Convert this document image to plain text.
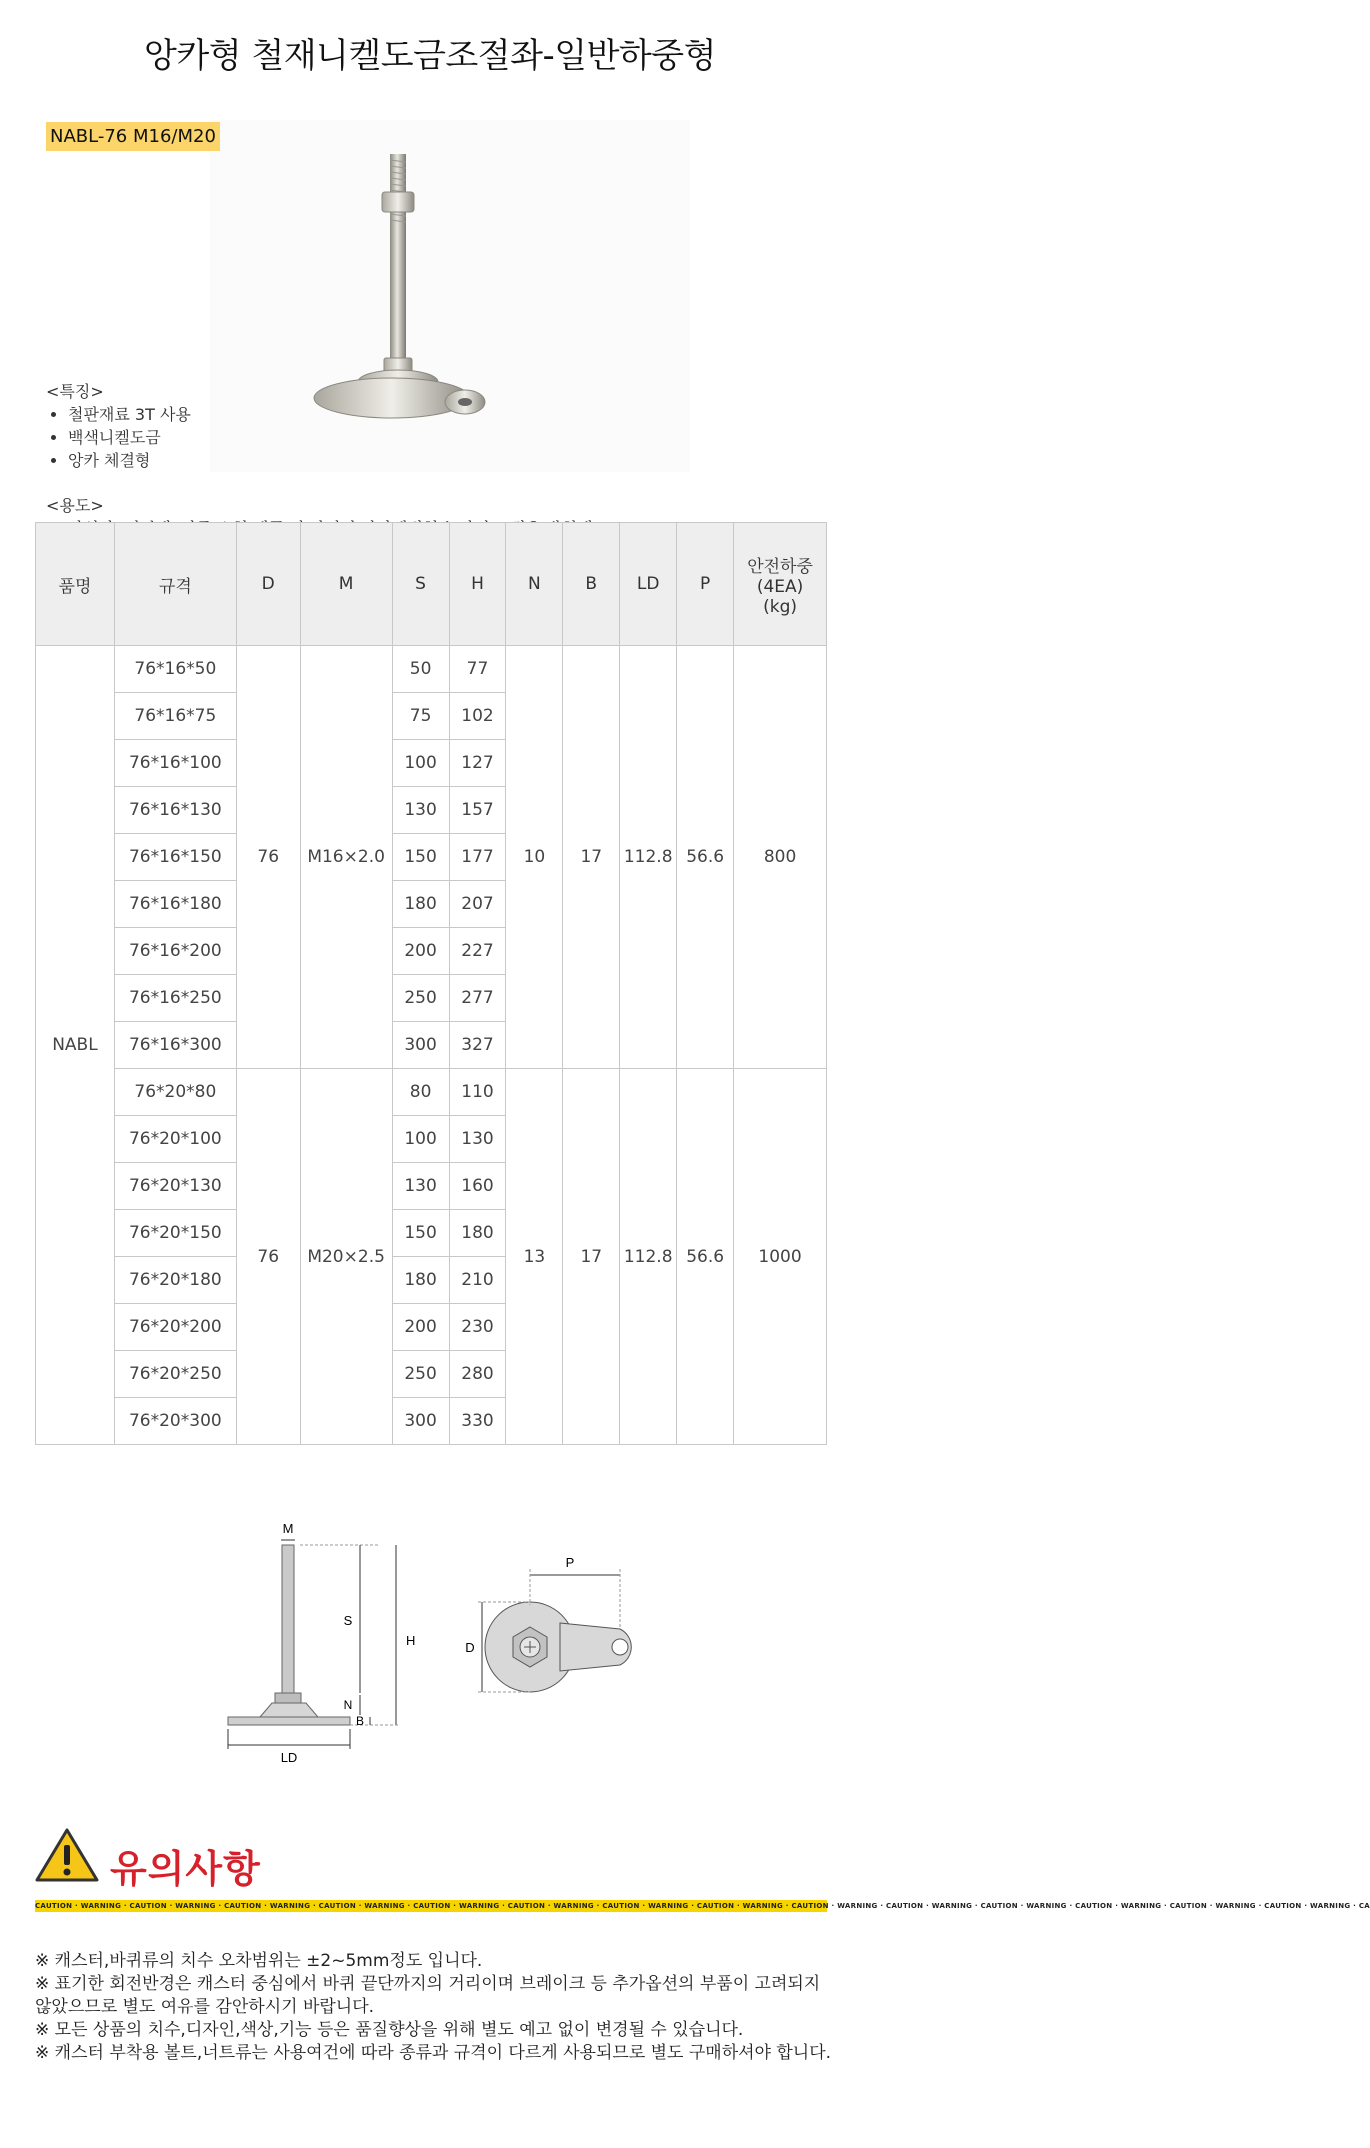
앙카형 철재니켈도금조절좌-일반하중형
NABL-76 M16/M20
<특징>
• 철판재료 3T 사용
• 백색니켈도금
• 앙카 체결형
<용도>
•
품명	규격	D	M	S	H	N	B	LD	P	안전하중
(4EA)
(kg)
NABL	76*16*50	76	M16×2.0	50	77	10	17	112.8	56.6	800
	76*16*75			75	102					
	76*16*100			100	127					
	76*16*130			130	157					
	76*16*150			150	177					
	76*16*180			180	207					
	76*16*200			200	227					
	76*16*250			250	277					
	76*16*300			300	327					
	76*20*80	76	M20×2.5	80	110	13	17	112.8	56.6	1000
	76*20*100			100	130					
	76*20*130			130	160					
	76*20*150			150	180					
	76*20*180			180	210					
	76*20*200			200	230					
	76*20*250			250	280					
	76*20*300			300	330					
M
S
H
N
B
LD
P
D
유의사항
CAUTION · WARNING · CAUTION · WARNING · CAUTION · WARNING · CAUTION · WARNING · CAUTION · WARNING · CAUTION · WARNING · CAUTION · WARNING · CAUTION · WARNING · CAUTION · WARNING · CAUTION · WARNING · CAUTION · WARNING · CAUTION · WARNING · CAUTION · WARNING · CAUTION · WARNING · CA

※ 캐스터,바퀴류의 치수 오차범위는 ±2~5mm정도 입니다.

※ 표기한 회전반경은 캐스터 중심에서 바퀴 끝단까지의 거리이며 브레이크 등 추가옵션의 부품이 고려되지 않았으므로 별도 여유를 감안하시기 바랍니다.

※ 모든 상품의 치수,디자인,색상,기능 등은 품질향상을 위해 별도 예고 없이 변경될 수 있습니다.

※ 캐스터 부착용 볼트,너트류는 사용여건에 따라 종류과 규격이 다르게 사용되므로 별도 구매하셔야 합니다.
